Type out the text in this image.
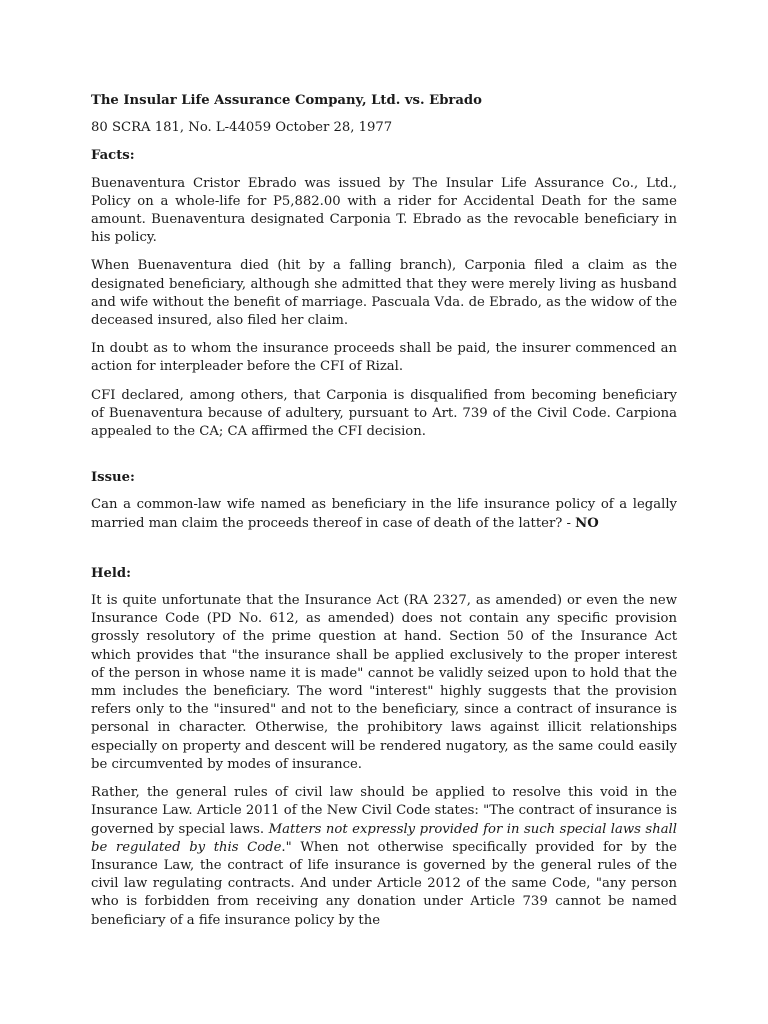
The Insular Life Assurance Company, Ltd. vs. Ebrado

80 SCRA 181, No. L-44059 October 28, 1977

Facts:

Buenaventura Cristor Ebrado was issued by The Insular Life Assurance Co., Ltd., Policy on a whole-life for P5,882.00 with a rider for Accidental Death for the same amount. Buenaventura designated Carponia T. Ebrado as the revocable beneficiary in his policy.

When Buenaventura died (hit by a falling branch), Carponia filed a claim as the designated beneficiary, although she admitted that they were merely living as husband and wife without the benefit of marriage. Pascuala Vda. de Ebrado, as the widow of the deceased insured, also filed her claim.

In doubt as to whom the insurance proceeds shall be paid, the insurer commenced an action for interpleader before the CFI of Rizal.

CFI declared, among others, that Carponia is disqualified from becoming beneficiary of Buenaventura because of adultery, pursuant to Art. 739 of the Civil Code. Carpiona appealed to the CA; CA affirmed the CFI decision.

Issue:

Can a common-law wife named as beneficiary in the life insurance policy of a legally married man claim the proceeds thereof in case of death of the latter? - NO

Held:

It is quite unfortunate that the Insurance Act (RA 2327, as amended) or even the new Insurance Code (PD No. 612, as amended) does not contain any specific provision grossly resolutory of the prime question at hand. Section 50 of the Insurance Act which provides that "the insurance shall be applied exclusively to the proper interest of the person in whose name it is made" cannot be validly seized upon to hold that the mm includes the beneficiary. The word "interest" highly suggests that the provision refers only to the "insured" and not to the beneficiary, since a contract of insurance is personal in character. Otherwise, the prohibitory laws against illicit relationships especially on property and descent will be rendered nugatory, as the same could easily be circumvented by modes of insurance.

Rather, the general rules of civil law should be applied to resolve this void in the Insurance Law. Article 2011 of the New Civil Code states: "The contract of insurance is governed by special laws. Matters not expressly provided for in such special laws shall be regulated by this Code." When not otherwise specifically provided for by the Insurance Law, the contract of life insurance is governed by the general rules of the civil law regulating contracts. And under Article 2012 of the same Code, "any person who is forbidden from receiving any donation under Article 739 cannot be named beneficiary of a fife insurance policy by the
